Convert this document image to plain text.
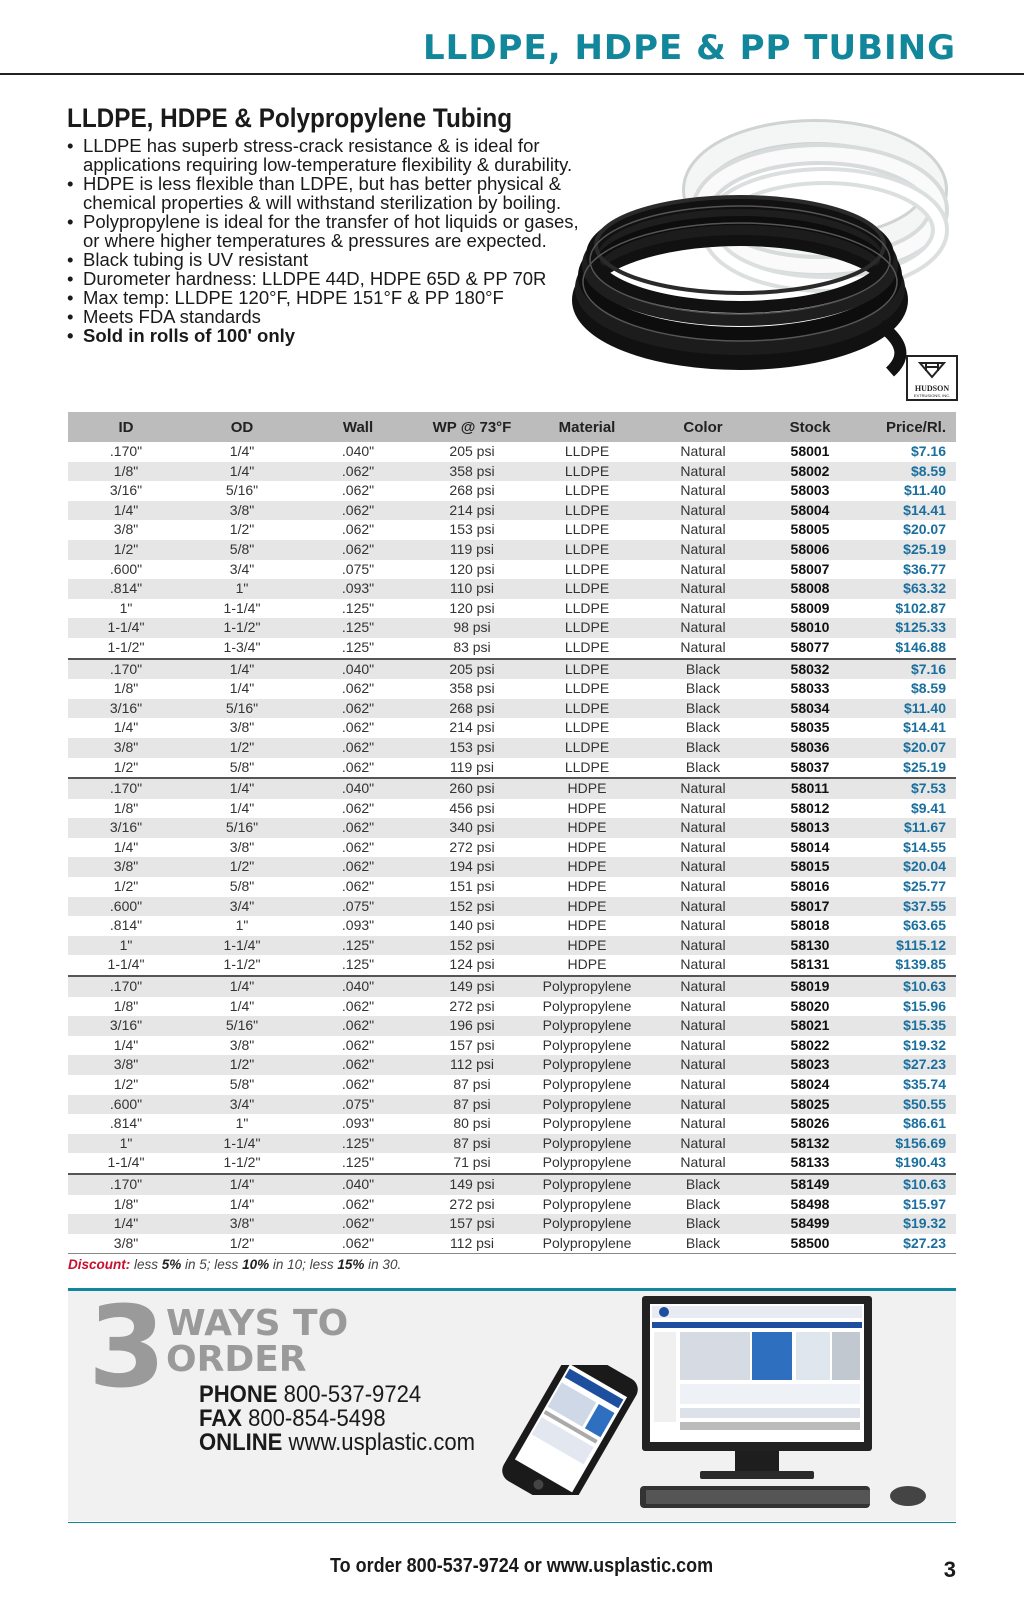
LLDPE, HDPE & PP TUBING
LLDPE, HDPE & Polypropylene Tubing
• LLDPE has superb stress-crack resistance & is ideal for applications requiring low-temperature flexibility & durability.
• HDPE is less flexible than LDPE, but has better physical & chemical properties & will withstand sterilization by boiling.
• Polypropylene is ideal for the transfer of hot liquids or gases, or where higher temperatures & pressures are expected.
• Black tubing is UV resistant
• Durometer hardness: LLDPE 44D, HDPE 65D & PP 70R
• Max temp: LLDPE 120°F, HDPE 151°F & PP 180°F
• Meets FDA standards
• Sold in rolls of 100' only
HUDSON
EXTRUSIONS, INC.
ID	OD	Wall	WP @ 73°F	Material	Color	Stock	Price/Rl.
.170"	1/4"	.040"	205 psi	LLDPE	Natural	58001	$7.16
1/8"	1/4"	.062"	358 psi	LLDPE	Natural	58002	$8.59
3/16"	5/16"	.062"	268 psi	LLDPE	Natural	58003	$11.40
1/4"	3/8"	.062"	214 psi	LLDPE	Natural	58004	$14.41
3/8"	1/2"	.062"	153 psi	LLDPE	Natural	58005	$20.07
1/2"	5/8"	.062"	119 psi	LLDPE	Natural	58006	$25.19
.600"	3/4"	.075"	120 psi	LLDPE	Natural	58007	$36.77
.814"	1"	.093"	110 psi	LLDPE	Natural	58008	$63.32
1"	1-1/4"	.125"	120 psi	LLDPE	Natural	58009	$102.87
1-1/4"	1-1/2"	.125"	98 psi	LLDPE	Natural	58010	$125.33
1-1/2"	1-3/4"	.125"	83 psi	LLDPE	Natural	58077	$146.88
.170"	1/4"	.040"	205 psi	LLDPE	Black	58032	$7.16
1/8"	1/4"	.062"	358 psi	LLDPE	Black	58033	$8.59
3/16"	5/16"	.062"	268 psi	LLDPE	Black	58034	$11.40
1/4"	3/8"	.062"	214 psi	LLDPE	Black	58035	$14.41
3/8"	1/2"	.062"	153 psi	LLDPE	Black	58036	$20.07
1/2"	5/8"	.062"	119 psi	LLDPE	Black	58037	$25.19
.170"	1/4"	.040"	260 psi	HDPE	Natural	58011	$7.53
1/8"	1/4"	.062"	456 psi	HDPE	Natural	58012	$9.41
3/16"	5/16"	.062"	340 psi	HDPE	Natural	58013	$11.67
1/4"	3/8"	.062"	272 psi	HDPE	Natural	58014	$14.55
3/8"	1/2"	.062"	194 psi	HDPE	Natural	58015	$20.04
1/2"	5/8"	.062"	151 psi	HDPE	Natural	58016	$25.77
.600"	3/4"	.075"	152 psi	HDPE	Natural	58017	$37.55
.814"	1"	.093"	140 psi	HDPE	Natural	58018	$63.65
1"	1-1/4"	.125"	152 psi	HDPE	Natural	58130	$115.12
1-1/4"	1-1/2"	.125"	124 psi	HDPE	Natural	58131	$139.85
.170"	1/4"	.040"	149 psi	Polypropylene	Natural	58019	$10.63
1/8"	1/4"	.062"	272 psi	Polypropylene	Natural	58020	$15.96
3/16"	5/16"	.062"	196 psi	Polypropylene	Natural	58021	$15.35
1/4"	3/8"	.062"	157 psi	Polypropylene	Natural	58022	$19.32
3/8"	1/2"	.062"	112 psi	Polypropylene	Natural	58023	$27.23
1/2"	5/8"	.062"	87 psi	Polypropylene	Natural	58024	$35.74
.600"	3/4"	.075"	87 psi	Polypropylene	Natural	58025	$50.55
.814"	1"	.093"	80 psi	Polypropylene	Natural	58026	$86.61
1"	1-1/4"	.125"	87 psi	Polypropylene	Natural	58132	$156.69
1-1/4"	1-1/2"	.125"	71 psi	Polypropylene	Natural	58133	$190.43
.170"	1/4"	.040"	149 psi	Polypropylene	Black	58149	$10.63
1/8"	1/4"	.062"	272 psi	Polypropylene	Black	58498	$15.97
1/4"	3/8"	.062"	157 psi	Polypropylene	Black	58499	$19.32
3/8"	1/2"	.062"	112 psi	Polypropylene	Black	58500	$27.23
Discount: less 5% in 5; less 10% in 10; less 15% in 30.
3 WAYS TO ORDER
PHONE 800-537-9724
FAX 800-854-5498
ONLINE www.usplastic.com
To order 800-537-9724 or www.usplastic.com	3
